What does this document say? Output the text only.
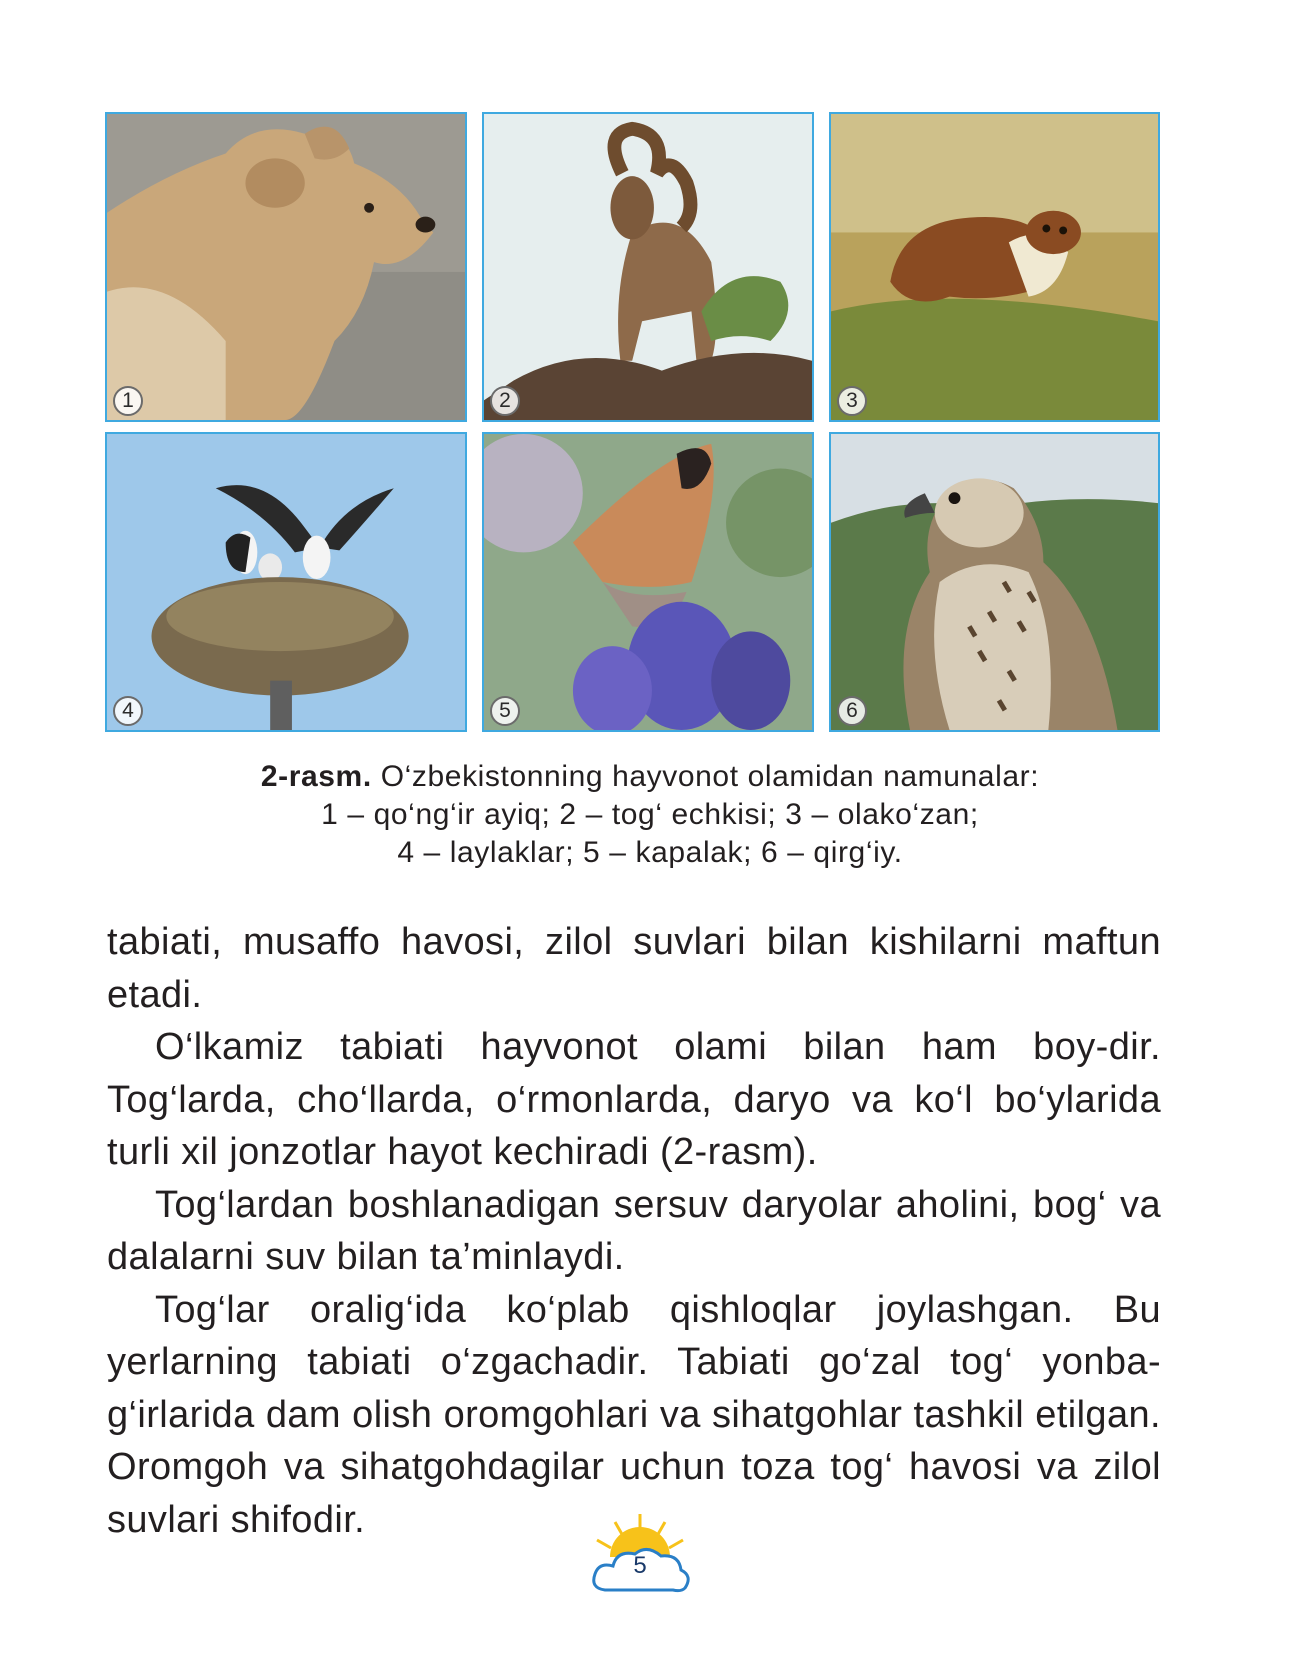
1	2	3
4	5	6
2-rasm. O‘zbekistonning hayvonot olamidan namunalar:
1 – qo‘ng‘ir ayiq; 2 – tog‘ echkisi; 3 – olako‘zan;
4 – laylaklar; 5 – kapalak; 6 – qirg‘iy.

tabiati, musaffo havosi, zilol suvlari bilan kishilarni maftun etadi.

O‘lkamiz tabiati hayvonot olami bilan ham boy-dir. Tog‘larda, cho‘llarda, o‘rmonlarda, daryo va ko‘l bo‘ylarida turli xil jonzotlar hayot kechiradi (2-rasm).

Tog‘lardan boshlanadigan sersuv daryolar aholini, bog‘ va dalalarni suv bilan ta’minlaydi.

Tog‘lar oralig‘ida ko‘plab qishloqlar joylashgan. Bu yerlarning tabiati o‘zgachadir. Tabiati go‘zal tog‘ yonba-g‘irlarida dam olish oromgohlari va sihatgohlar tashkil etilgan. Oromgoh va sihatgohdagilar uchun toza tog‘ havosi va zilol suvlari shifodir.

5
